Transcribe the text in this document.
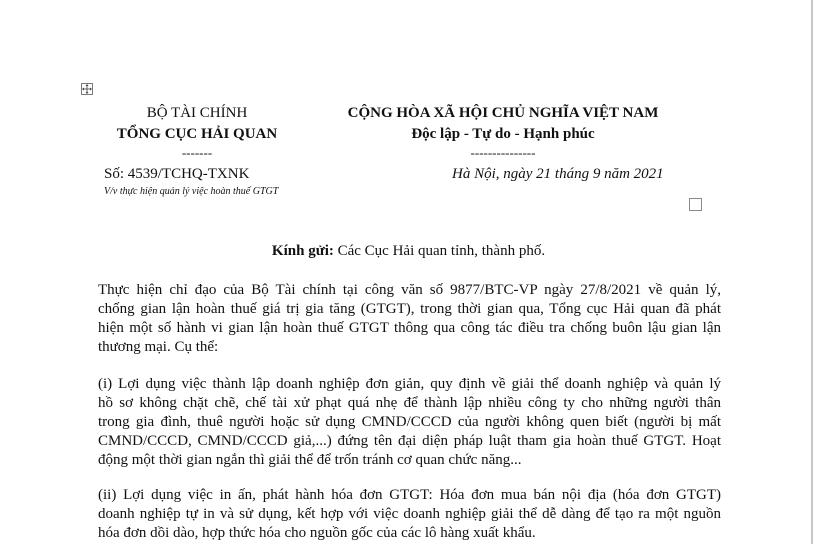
BỘ TÀI CHÍNH
TỔNG CỤC HẢI QUAN
-------
CỘNG HÒA XÃ HỘI CHỦ NGHĨA VIỆT NAM
Độc lập - Tự do - Hạnh phúc
---------------
Số: 4539/TCHQ-TXNK
V/v thực hiện quản lý việc hoàn thuế GTGT
Hà Nội, ngày 21 tháng 9 năm 2021
Kính gửi: Các Cục Hải quan tỉnh, thành phố.
Thực hiện chỉ đạo của Bộ Tài chính tại công văn số 9877/BTC-VP ngày 27/8/2021 về quản lý,
chống gian lận hoàn thuế giá trị gia tăng (GTGT), trong thời gian qua, Tổng cục Hải quan đã phát
hiện một số hành vi gian lận hoàn thuế GTGT thông qua công tác điều tra chống buôn lậu gian lận
thương mại. Cụ thể:
(i) Lợi dụng việc thành lập doanh nghiệp đơn giản, quy định về giải thể doanh nghiệp và quản lý
hồ sơ không chặt chẽ, chế tài xử phạt quá nhẹ để thành lập nhiều công ty cho những người thân
trong gia đình, thuê người hoặc sử dụng CMND/CCCD của người không quen biết (người bị mất
CMND/CCCD, CMND/CCCD giả,...) đứng tên đại diện pháp luật tham gia hoàn thuế GTGT. Hoạt
động một thời gian ngắn thì giải thể để trốn tránh cơ quan chức năng...
(ii) Lợi dụng việc in ấn, phát hành hóa đơn GTGT: Hóa đơn mua bán nội địa (hóa đơn GTGT)
doanh nghiệp tự in và sử dụng, kết hợp với việc doanh nghiệp giải thể dễ dàng để tạo ra một nguồn
hóa đơn dồi dào, hợp thức hóa cho nguồn gốc của các lô hàng xuất khẩu.
